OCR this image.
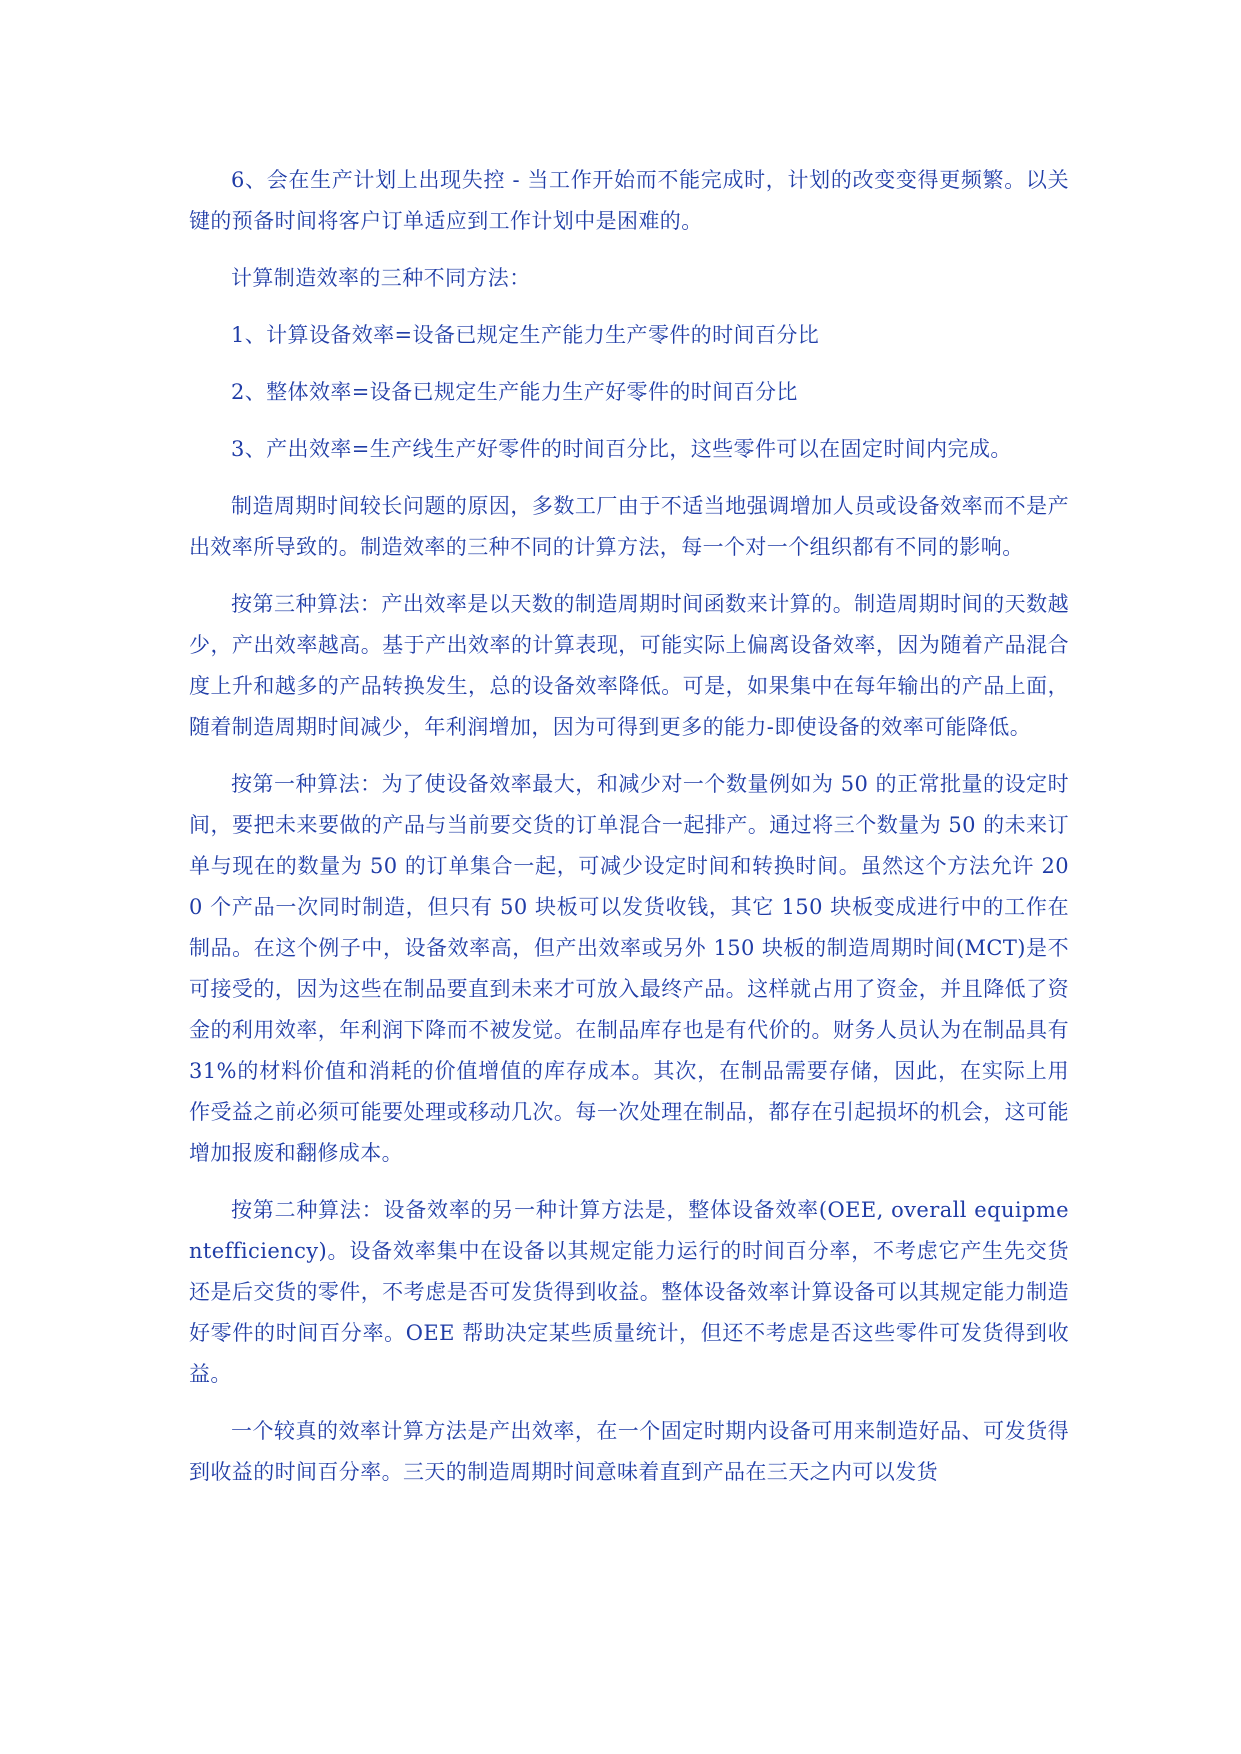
6、会在生产计划上出现失控 - 当工作开始而不能完成时，计划的改变变得更频繁。以关键的预备时间将客户订单适应到工作计划中是困难的。

计算制造效率的三种不同方法：

1、计算设备效率=设备已规定生产能力生产零件的时间百分比

2、整体效率=设备已规定生产能力生产好零件的时间百分比

3、产出效率=生产线生产好零件的时间百分比，这些零件可以在固定时间内完成。

制造周期时间较长问题的原因，多数工厂由于不适当地强调增加人员或设备效率而不是产出效率所导致的。制造效率的三种不同的计算方法，每一个对一个组织都有不同的影响。

按第三种算法：产出效率是以天数的制造周期时间函数来计算的。制造周期时间的天数越少，产出效率越高。基于产出效率的计算表现，可能实际上偏离设备效率，因为随着产品混合度上升和越多的产品转换发生，总的设备效率降低。可是，如果集中在每年输出的产品上面，随着制造周期时间减少，年利润增加，因为可得到更多的能力-即使设备的效率可能降低。

按第一种算法：为了使设备效率最大，和减少对一个数量例如为 50 的正常批量的设定时间，要把未来要做的产品与当前要交货的订单混合一起排产。通过将三个数量为 50 的未来订单与现在的数量为 50 的订单集合一起，可减少设定时间和转换时间。虽然这个方法允许 200 个产品一次同时制造，但只有 50 块板可以发货收钱，其它 150 块板变成进行中的工作在制品。在这个例子中，设备效率高，但产出效率或另外 150 块板的制造周期时间(MCT)是不可接受的，因为这些在制品要直到未来才可放入最终产品。这样就占用了资金，并且降低了资金的利用效率，年利润下降而不被发觉。在制品库存也是有代价的。财务人员认为在制品具有 31%的材料价值和消耗的价值增值的库存成本。其次，在制品需要存储，因此，在实际上用作受益之前必须可能要处理或移动几次。每一次处理在制品，都存在引起损坏的机会，这可能增加报废和翻修成本。

按第二种算法：设备效率的另一种计算方法是，整体设备效率(OEE, overall equipmentefficiency)。设备效率集中在设备以其规定能力运行的时间百分率，不考虑它产生先交货还是后交货的零件，不考虑是否可发货得到收益。整体设备效率计算设备可以其规定能力制造好零件的时间百分率。OEE 帮助决定某些质量统计，但还不考虑是否这些零件可发货得到收益。

一个较真的效率计算方法是产出效率，在一个固定时期内设备可用来制造好品、可发货得到收益的时间百分率。三天的制造周期时间意味着直到产品在三天之内可以发货
